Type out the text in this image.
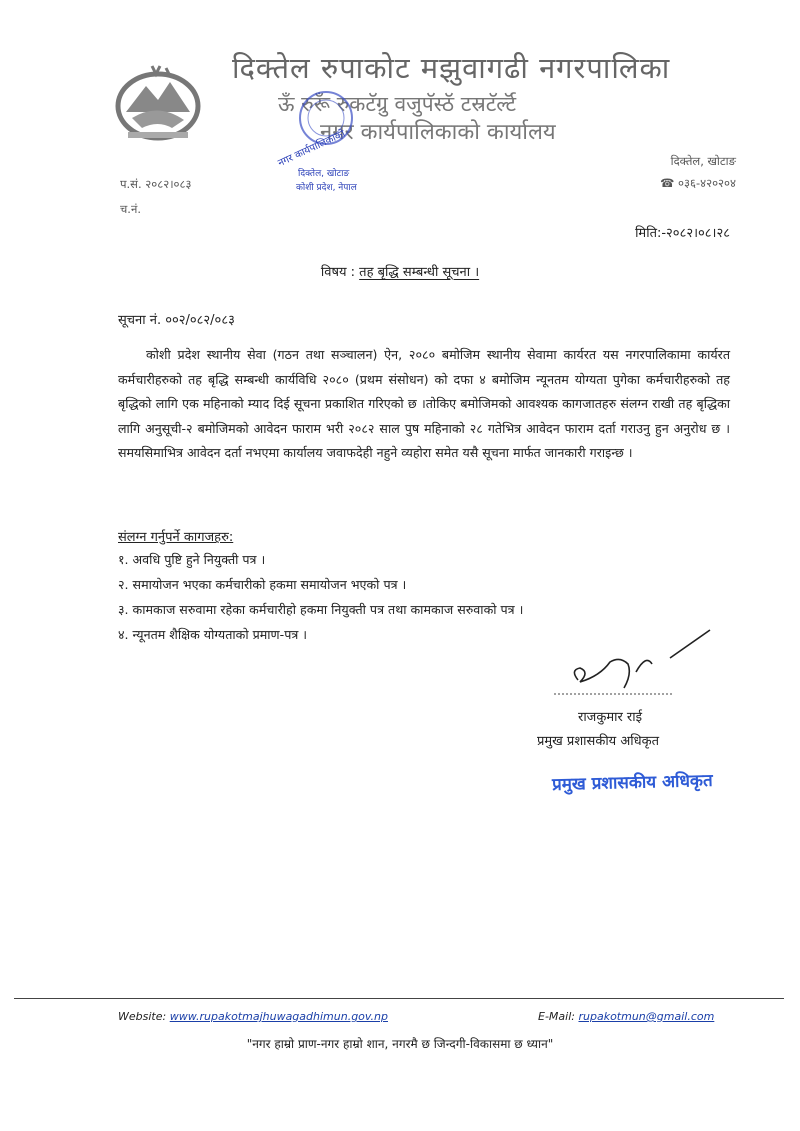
दिक्तेल रुपाकोट मझुवागढी नगरपालिका
ऊँ रुरूँ रुकटॅग्रु वजुपॅस्ठॅ टस्रटॅर्ल्टॅ
नगर कार्यपालिकाको कार्यालय
नगर कार्यपालिकाको
दिक्तेल, खोटाङ
कोशी प्रदेश, नेपाल
दिक्तेल, खोटाङ
☎ ०३६-४२०२०४
प.सं. २०८२।०८३
च.नं.
मिति:-२०८२।०८।२८
विषय : तह बृद्धि सम्बन्धी सूचना ।
सूचना नं. ००२/०८२/०८३
कोशी प्रदेश स्थानीय सेवा (गठन तथा सञ्चालन) ऐन, २०८० बमोजिम स्थानीय सेवामा कार्यरत यस नगरपालिकामा कार्यरत कर्मचारीहरुको तह बृद्धि सम्बन्धी कार्यविधि २०८० (प्रथम संसोधन) को दफा ४ बमोजिम न्यूनतम योग्यता पुगेका कर्मचारीहरुको तह बृद्धिको लागि एक महिनाको म्याद दिई सूचना प्रकाशित गरिएको छ ।तोकिए बमोजिमको आवश्यक कागजातहरु संलग्न राखी तह बृद्धिका लागि अनुसूची-२ बमोजिमको आवेदन फाराम भरी २०८२ साल पुष महिनाको २८ गतेभित्र आवेदन फाराम दर्ता गराउनु हुन अनुरोध छ । समयसिमाभित्र आवेदन दर्ता नभएमा कार्यालय जवाफदेही नहुने व्यहोरा समेत यसै सूचना मार्फत जानकारी गराइन्छ ।
संलग्न गर्नुपर्ने कागजहरु:
१. अवधि पुष्टि हुने नियुक्ती पत्र ।
२. समायोजन भएका कर्मचारीको हकमा समायोजन भएको पत्र ।
३. कामकाज सरुवामा रहेका कर्मचारीहो हकमा नियुक्ती पत्र तथा कामकाज सरुवाको पत्र ।
४. न्यूनतम शैक्षिक योग्यताको प्रमाण-पत्र ।
राजकुमार राई
प्रमुख प्रशासकीय अधिकृत
प्रमुख प्रशासकीय अधिकृत
Website: www.rupakotmajhuwagadhimun.gov.np	E-Mail: rupakotmun@gmail.com
"नगर हाम्रो प्राण-नगर हाम्रो शान, नगरमै छ जिन्दगी-विकासमा छ ध्यान"
